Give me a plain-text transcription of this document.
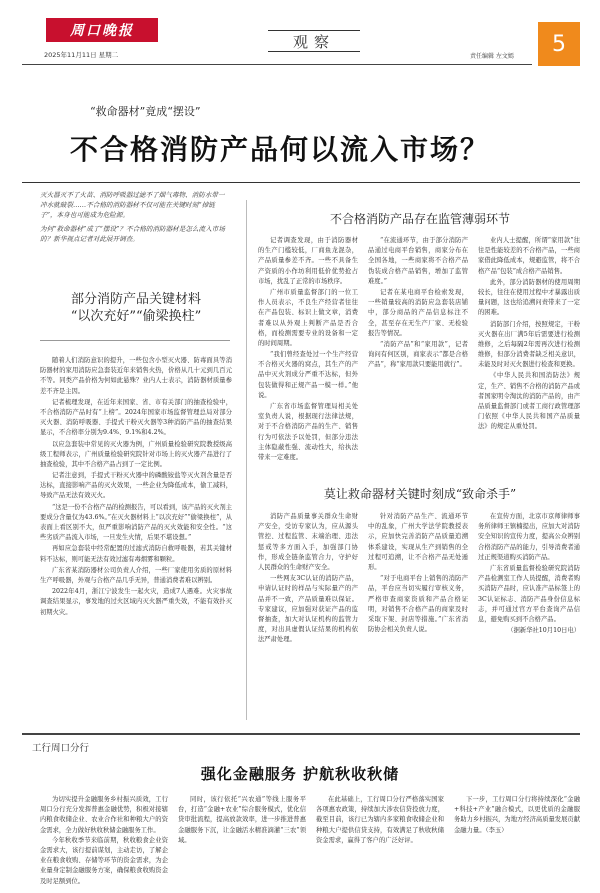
周口晚报
2025年11月11日 星期二
观察
责任编辑 左文嫣	5
“救命器材”竟成“摆设”
不合格消防产品何以流入市场？

灭火器灭不了火苗、消防呼吸器过滤不了烟气毒物、消防水带一冲水就破裂……不合格的消防器材不仅可能在关键时刻“掉链子”，本身也可能成为危险源。

为何“救命器材”成了“摆设”？不合格的消防器材是怎么流入市场的？新华视点记者对此展开调查。

部分消防产品关键材料
“以次充好”“偷梁换柱”

随着人们消防意识的提升，一些包含小型灭火器、防毒面具等消防器材的家用消防应急套装近年来销售火热，价格从几十元到几百元不等。同类产品价格为何如此悬殊？业内人士表示，消防器材质量参差不齐是主因。

记者梳理发现，在近年来国家、省、市有关部门的抽查检验中，不合格消防产品时有“上榜”。2024年国家市场监督管理总局对部分灭火器、消防呼吸器、手提式干粉灭火器等3种消防产品的抽查结果显示，不合格率分别为9.4%、9.1%和4.2%。

以应急套装中常见的灭火器为例，广州质量检验研究院教授级高级工程师表示，广州质量检验研究院针对市场上的灭火器产品进行了抽查检验，其中不合格产品占到了一定比例。

记者注意到，手提式干粉灭火器中的磷酸铵盐等灭火剂含量是否达标，直接影响产品的灭火效果，一些企业为降低成本，偷工减料，导致产品无法有效灭火。

“这是一份不合格产品的检测报告，可以看到，该产品的灭火剂主要成分含量仅为43.6%。”在灭火器材料上“以次充好”“偷梁换柱”，从表面上看区别不大，但严重影响消防产品的灭火效能和安全性。“这些劣质产品流入市场，一旦发生火情，后果不堪设想。”

再如应急套装中经常配置的过滤式消防自救呼吸器，若其关键材料不达标，则可能无法有效过滤有毒烟雾和颗粒。

广东省某消防器材公司负责人介绍，一些厂家使用劣质的原材料生产呼吸器，外观与合格产品几乎无异，普通消费者难以辨别。

2022年4月，浙江宁波发生一起火灾，造成7人遇难。火灾事故调查结果显示，事发地的过火区域内灭火器严重失效，不能有效扑灭初期火灾。

不合格消防产品存在监管薄弱环节

记者调查发现，由于消防器材的生产门槛较低，厂商鱼龙混杂，产品质量参差不齐。一些不具备生产资质的小作坊利用低价优势抢占市场，扰乱了正常的市场秩序。

广州市质量监督部门的一位工作人员表示，不良生产经营者往往在产品包装、标识上做文章，消费者难以从外观上判断产品是否合格，而检测需要专业的设备和一定的时间周期。

“我们曾经查处过一个生产经营不合格灭火器的窝点，其生产的产品中灭火剂成分严重不达标，但外包装做得和正规产品一模一样。”他说。

广东省市场监督管理局相关处室负责人说，根据现行法律法规，对于不合格消防产品的生产、销售行为可依法予以处罚，但部分违法主体隐蔽性强、流动性大，给执法带来一定难度。

“在流通环节，由于部分消防产品通过电商平台销售，商家分布在全国各地，一些商家将不合格产品伪装成合格产品销售，增加了监管难度。”

记者在某电商平台检索发现，一些销量较高的消防应急套装店铺中，部分商品的产品信息标注不全，甚至存在无生产厂家、无检验报告等情况。

“消防产品”和“家用款”，记者询问有何区别，商家表示“都是合格产品”，称“家用款只要能用就行”。

业内人士提醒，所谓“家用款”往往是性能较差的不合格产品，一些商家借此降低成本，规避监管，将不合格产品“包装”成合格产品销售。

此外，部分消防器材的使用周期较长，往往在使用过程中才暴露出质量问题，这也给追溯问责带来了一定的困难。

消防部门介绍，按照规定，干粉灭火器在出厂满5年后需要进行检测维修，之后每隔2年需再次进行检测维修，但部分消费者缺乏相关意识，未能及时对灭火器进行检查和更换。

《中华人民共和国消防法》规定，生产、销售不合格的消防产品或者国家明令淘汰的消防产品的，由产品质量监督部门或者工商行政管理部门依照《中华人民共和国产品质量法》的规定从重处罚。

莫让救命器材关键时刻成“致命杀手”

消防产品质量事关群众生命财产安全，受访专家认为，应从源头管控、过程监管、末端治理、违法惩戒等多方面入手，加强部门协作，形成全链条监管合力，守护好人民群众的生命财产安全。

一些网友3C认证的消防产品，申请认证时的样品与实际量产的产品并不一致，产品质量难以保证。专家建议，应加强对获证产品的监督抽查，加大对认证机构的监管力度，对出具虚假认证结果的机构依法严肃处理。

针对消防产品生产、流通环节中的乱象，广州大学法学院教授表示，应加快完善消防产品质量追溯体系建设，实现从生产到销售的全过程可追溯，让不合格产品无处遁形。

“对于电商平台上销售的消防产品，平台应当切实履行审核义务，严格审查商家资质和产品合格证明，对销售不合格产品的商家及时采取下架、封店等措施。”广东省消防协会相关负责人说。

在宣传方面，北京市京师律师事务所律师王镇楠提出，应加大对消防安全知识的宣传力度，提高公众辨别合格消防产品的能力，引导消费者通过正规渠道购买消防产品。

广东省质量监督检验研究院消防产品检测室工作人员提醒，消费者购买消防产品时，应认准产品标签上的3C认证标志、消防产品身份信息标志，并可通过官方平台查询产品信息，避免购买到不合格产品。

（据新华社10月10日电）

工行周口分行
强化金融服务 护航秋收秋储

为切实提升金融服务乡村振兴质效，工行周口分行充分发挥普惠金融优势，积极对接辖内粮食收储企业、农业合作社和种粮大户的资金需求，全力做好秋收秋储金融服务工作。

今年秋收季节来临前期，秋收粮食企业资金需求大，该行提前谋划，主动走访，了解企业在粮食收购、存储等环节的资金需求，为企业量身定制金融服务方案，确保粮食收购资金及时足额到位。

同时，该行依托“兴农通”等线上服务平台，打造“金融+农业”综合服务模式，优化信贷审批流程，提高放款效率，进一步推进普惠金融服务下沉，让金融活水精准滴灌“三农”领域。

在此基础上，工行周口分行严格落实国家各项惠农政策，持续加大涉农信贷投放力度，截至目前，该行已为辖内多家粮食收储企业和种粮大户提供信贷支持，有效满足了秋收秋储资金需求，赢得了客户的广泛好评。

下一步，工行周口分行将持续深化“金融+科技+产业”融合模式，以更优质的金融服务助力乡村振兴，为地方经济高质量发展贡献金融力量。（李玉）
